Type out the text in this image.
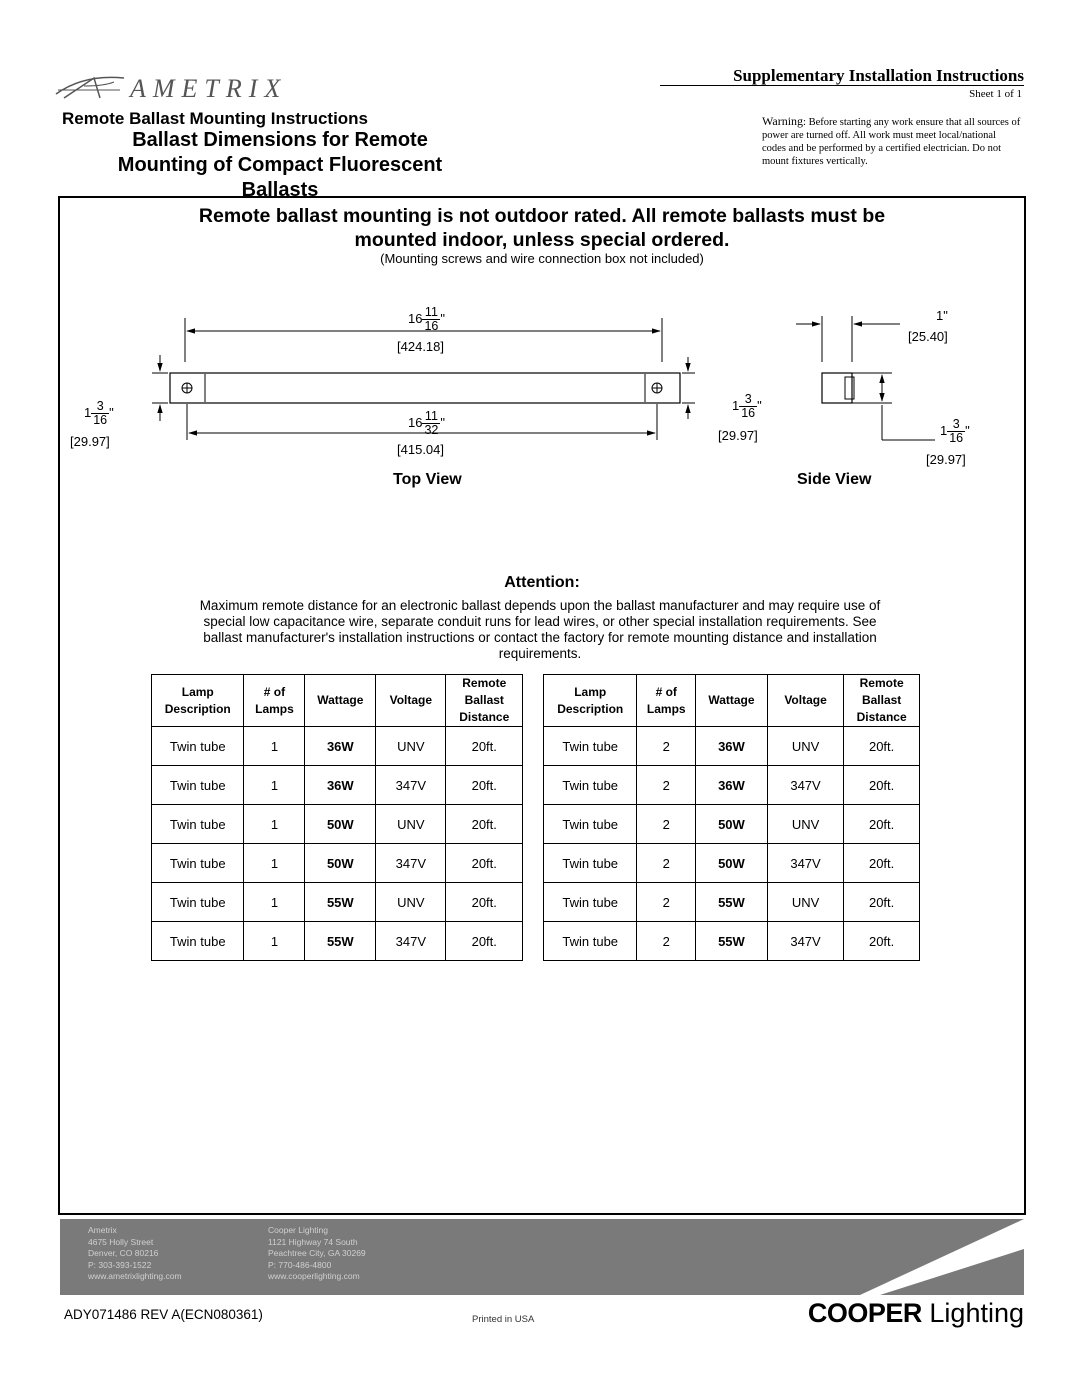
AMETRIX	Supplementary Installation Instructions
Sheet 1 of 1
Remote Ballast Mounting Instructions
Ballast Dimensions for Remote
Mounting of Compact Fluorescent
Ballasts
Warning: Before starting any work ensure that all sources of power are turned off. All work must meet local/national codes and be performed by a certified electrician. Do not mount fixtures vertically.
Remote ballast mounting is not outdoor rated. All remote ballasts must be
mounted indoor, unless special ordered.
(Mounting screws and wire connection box not included)
$16 \frac{11}{16}$ "
[424.18]
$16 \frac{11}{32}$ "
[415.04]
$1 \frac{3}{16}$ "
[29.97]
$1 \frac{3}{16}$ "
[29.97]
1"
[25.40]
$1 \frac{3}{16}$ "
[29.97]
Top View	Side View
Attention:
Maximum remote distance for an electronic ballast depends upon the ballast manufacturer and may require use of special low capacitance wire, separate conduit runs for lead wires, or other special installation requirements. See ballast manufacturer's installation instructions or contact the factory for remote mounting distance and installation requirements.
Lamp
Description	# of
Lamps	Wattage	Voltage	Remote
Ballast
Distance
Twin tube	1	36W	UNV	20ft.
Twin tube	1	36W	347V	20ft.
Twin tube	1	50W	UNV	20ft.
Twin tube	1	50W	347V	20ft.
Twin tube	1	55W	UNV	20ft.
Twin tube	1	55W	347V	20ft.
Lamp
Description	# of
Lamps	Wattage	Voltage	Remote
Ballast
Distance
Twin tube	2	36W	UNV	20ft.
Twin tube	2	36W	347V	20ft.
Twin tube	2	50W	UNV	20ft.
Twin tube	2	50W	347V	20ft.
Twin tube	2	55W	UNV	20ft.
Twin tube	2	55W	347V	20ft.
Ametrix
4675 Holly Street
Denver, CO 80216
P: 303-393-1522
www.ametrixlighting.com
Cooper Lighting
1121 Highway 74 South
Peachtree City, GA 30269
P: 770-486-4800
www.cooperlighting.com
ADY071486 REV A(ECN080361)	Printed in USA	COOPER Lighting
